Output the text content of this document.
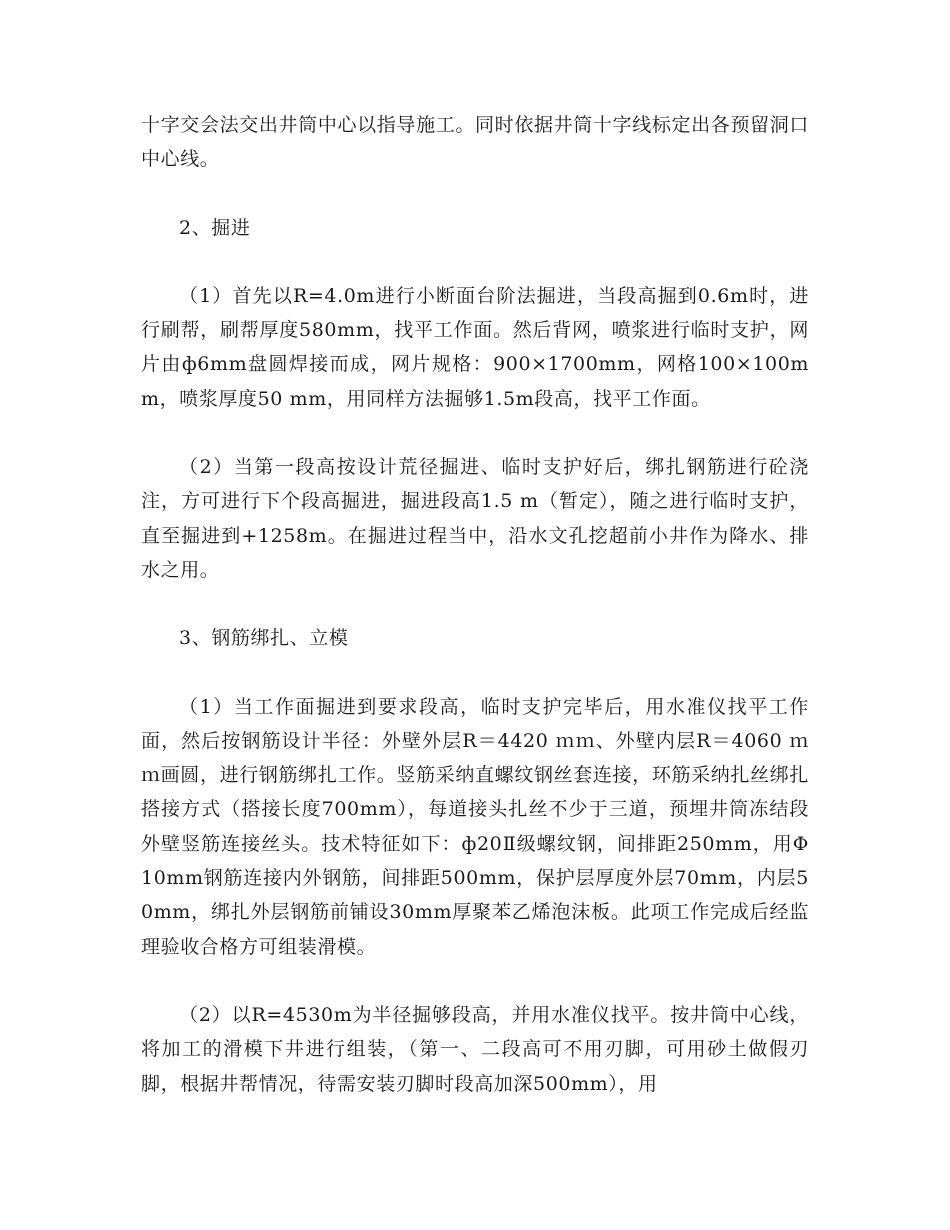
十字交会法交出井筒中心以指导施工。同时依据井筒十字线标定出各预留洞口中心线。

2、掘进

（1）首先以R=4.0m进行小断面台阶法掘进，当段高掘到0.6m时，进行刷帮，刷帮厚度580mm，找平工作面。然后背网，喷浆进行临时支护，网片由ф6mm盘圆焊接而成，网片规格：900×1700mm，网格100×100mm，喷浆厚度50 mm，用同样方法掘够1.5m段高，找平工作面。

（2）当第一段高按设计荒径掘进、临时支护好后，绑扎钢筋进行砼浇注，方可进行下个段高掘进，掘进段高1.5 m（暂定），随之进行临时支护，直至掘进到+1258m。在掘进过程当中，沿水文孔挖超前小井作为降水、排水之用。

3、钢筋绑扎、立模

（1）当工作面掘进到要求段高，临时支护完毕后，用水准仪找平工作面，然后按钢筋设计半径：外壁外层R＝4420 ｍｍ、外壁内层R＝4060 ｍｍ画圆，进行钢筋绑扎工作。竖筋采纳直螺纹钢丝套连接，环筋采纳扎丝绑扎搭接方式（搭接长度700mm），每道接头扎丝不少于三道，预埋井筒冻结段外壁竖筋连接丝头。技术特征如下：ф20Ⅱ级螺纹钢，间排距250mm，用Φ10mm钢筋连接内外钢筋，间排距500mm，保护层厚度外层70mm，内层50mm，绑扎外层钢筋前铺设30mm厚聚苯乙烯泡沫板。此项工作完成后经监理验收合格方可组装滑模。

（2）以R=4530m为半径掘够段高，并用水准仪找平。按井筒中心线，将加工的滑模下井进行组装，（第一、二段高可不用刃脚，可用砂土做假刃脚，根据井帮情况，待需安装刃脚时段高加深500mm），用
